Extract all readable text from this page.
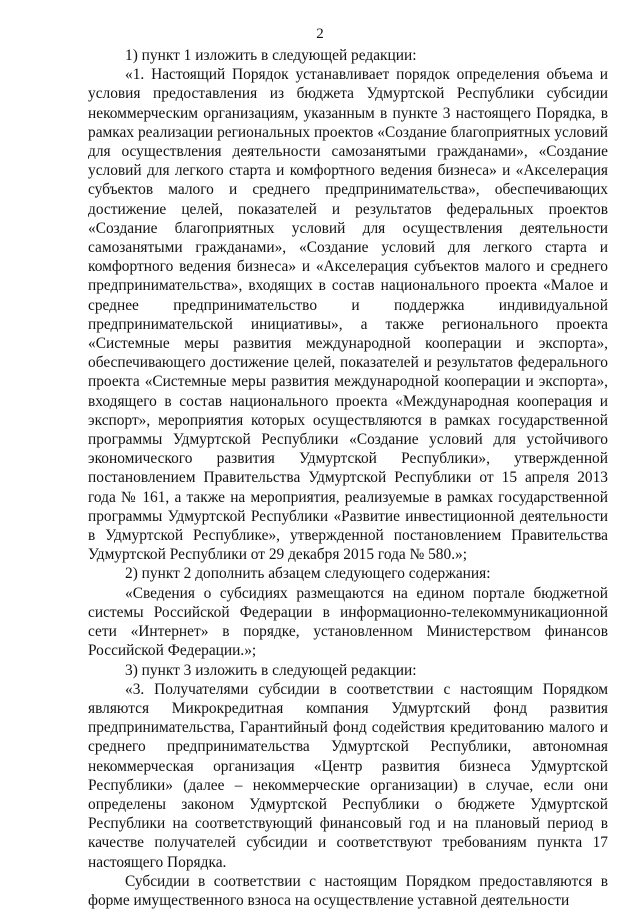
2

1) пункт 1 изложить в следующей редакции:

«1. Настоящий Порядок устанавливает порядок определения объема и условия предоставления из бюджета Удмуртской Республики субсидии некоммерческим организациям, указанным в пункте 3 настоящего Порядка, в рамках реализации региональных проектов «Создание благоприятных условий для осуществления деятельности самозанятыми гражданами», «Создание условий для легкого старта и комфортного ведения бизнеса» и «Акселерация субъектов малого и среднего предпринимательства», обеспечивающих достижение целей, показателей и результатов федеральных проектов «Создание благоприятных условий для осуществления деятельности самозанятыми гражданами», «Создание условий для легкого старта и комфортного ведения бизнеса» и «Акселерация субъектов малого и среднего предпринимательства», входящих в состав национального проекта «Малое и среднее предпринимательство и поддержка индивидуальной предпринимательской инициативы», а также регионального проекта «Системные меры развития международной кооперации и экспорта», обеспечивающего достижение целей, показателей и результатов федерального проекта «Системные меры развития международной кооперации и экспорта», входящего в состав национального проекта «Международная кооперация и экспорт», мероприятия которых осуществляются в рамках государственной программы Удмуртской Республики «Создание условий для устойчивого экономического развития Удмуртской Республики», утвержденной постановлением Правительства Удмуртской Республики от 15 апреля 2013 года № 161, а также на мероприятия, реализуемые в рамках государственной программы Удмуртской Республики «Развитие инвестиционной деятельности в Удмуртской Республике», утвержденной постановлением Правительства Удмуртской Республики от 29 декабря 2015 года № 580.»;

2) пункт 2 дополнить абзацем следующего содержания:

«Сведения о субсидиях размещаются на едином портале бюджетной системы Российской Федерации в информационно-телекоммуникационной сети «Интернет» в порядке, установленном Министерством финансов Российской Федерации.»;

3) пункт 3 изложить в следующей редакции:

«3. Получателями субсидии в соответствии с настоящим Порядком являются Микрокредитная компания Удмуртский фонд развития предпринимательства, Гарантийный фонд содействия кредитованию малого и среднего предпринимательства Удмуртской Республики, автономная некоммерческая организация «Центр развития бизнеса Удмуртской Республики» (далее – некоммерческие организации) в случае, если они определены законом Удмуртской Республики о бюджете Удмуртской Республики на соответствующий финансовый год и на плановый период в качестве получателей субсидии и соответствуют требованиям пункта 17 настоящего Порядка.

Субсидии в соответствии с настоящим Порядком предоставляются в форме имущественного взноса на осуществление уставной деятельности
